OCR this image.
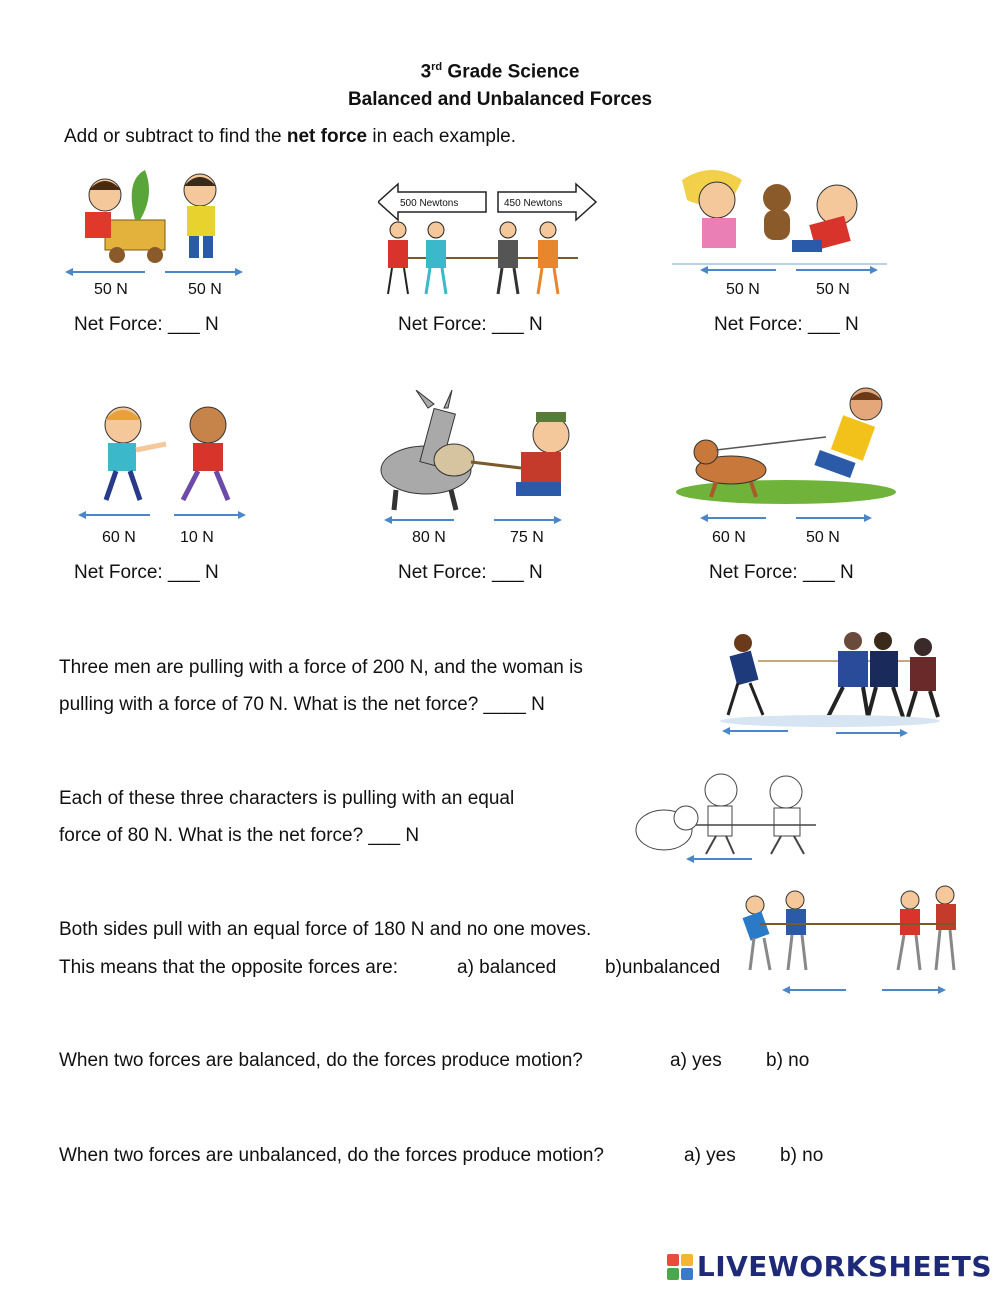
3rd Grade Science
Balanced and Unbalanced Forces
Add or subtract to find the net force in each example.
50 N	50 N
Net Force: ___ N
500 Newtons	450 Newtons
Net Force: ___ N
50 N	50 N
Net Force: ___ N
60 N	10 N
Net Force: ___ N
80 N	75 N
Net Force: ___ N
60 N	50 N
Net Force: ___ N
Three men are pulling with a force of 200 N, and the woman is
pulling with a force of 70 N. What is the net force? ____ N
Each of these three characters is pulling with an equal
force of 80 N. What is the net force? ___ N
Both sides pull with an equal force of 180 N and no one moves.
This means that the opposite forces are:	a) balanced	b)unbalanced
When two forces are balanced, do the forces produce motion?	a) yes b) no
When two forces are unbalanced, do the forces produce motion?	a) yes b) no
LIVEWORKSHEETS
